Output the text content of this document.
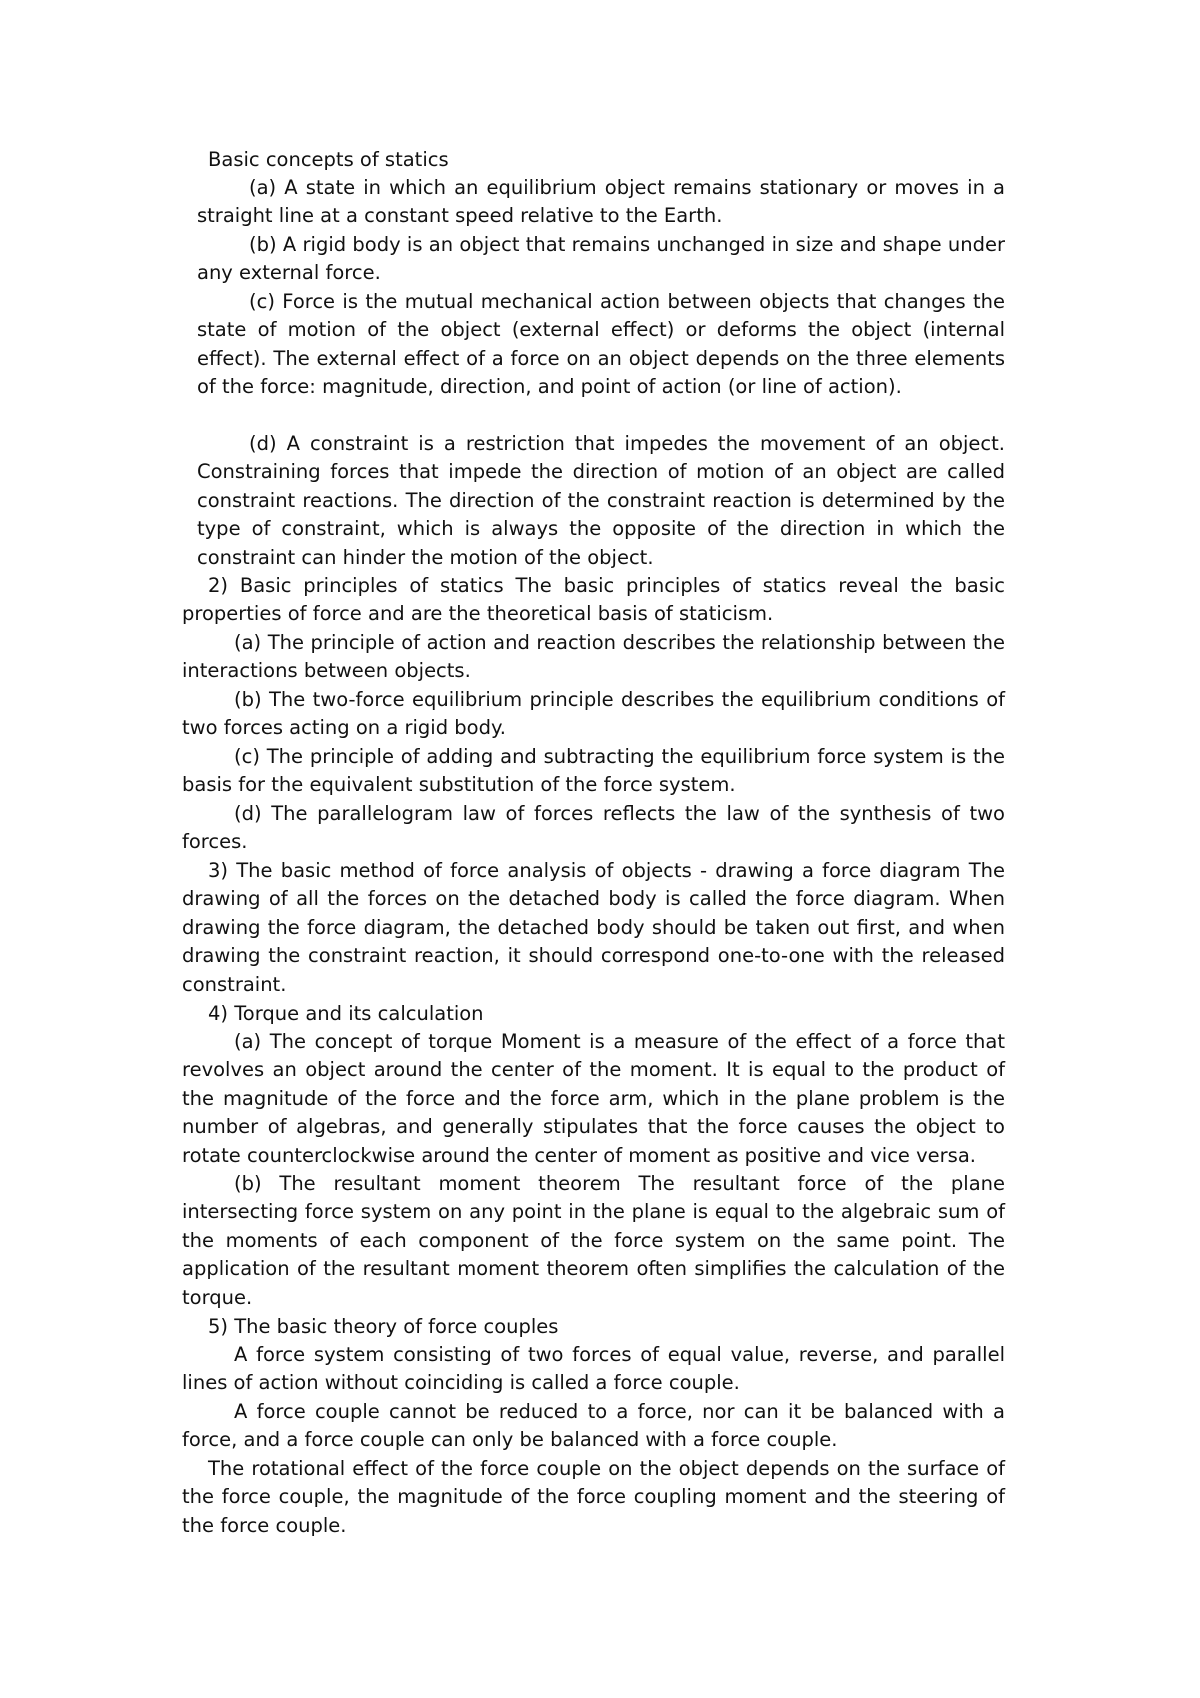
Basic concepts of statics
(a) A state in which an equilibrium object remains stationary or moves in a straight line at a constant speed relative to the Earth.
(b) A rigid body is an object that remains unchanged in size and shape under any external force.
(c) Force is the mutual mechanical action between objects that changes the state of motion of the object (external effect) or deforms the object (internal effect). The external effect of a force on an object depends on the three elements of the force: magnitude, direction, and point of action (or line of action).
(d) A constraint is a restriction that impedes the movement of an object. Constraining forces that impede the direction of motion of an object are called constraint reactions. The direction of the constraint reaction is determined by the type of constraint, which is always the opposite of the direction in which the constraint can hinder the motion of the object.
2) Basic principles of statics The basic principles of statics reveal the basic properties of force and are the theoretical basis of staticism.
(a) The principle of action and reaction describes the relationship between the interactions between objects.
(b) The two-force equilibrium principle describes the equilibrium conditions of two forces acting on a rigid body.
(c) The principle of adding and subtracting the equilibrium force system is the basis for the equivalent substitution of the force system.
(d) The parallelogram law of forces reflects the law of the synthesis of two forces.
3) The basic method of force analysis of objects - drawing a force diagram The drawing of all the forces on the detached body is called the force diagram. When drawing the force diagram, the detached body should be taken out first, and when drawing the constraint reaction, it should correspond one-to-one with the released constraint.
4) Torque and its calculation
(a) The concept of torque Moment is a measure of the effect of a force that revolves an object around the center of the moment. It is equal to the product of the magnitude of the force and the force arm, which in the plane problem is the number of algebras, and generally stipulates that the force causes the object to rotate counterclockwise around the center of moment as positive and vice versa.
(b) The resultant moment theorem The resultant force of the plane intersecting force system on any point in the plane is equal to the algebraic sum of the moments of each component of the force system on the same point. The application of the resultant moment theorem often simplifies the calculation of the torque.
5) The basic theory of force couples
A force system consisting of two forces of equal value, reverse, and parallel lines of action without coinciding is called a force couple.
A force couple cannot be reduced to a force, nor can it be balanced with a force, and a force couple can only be balanced with a force couple.
The rotational effect of the force couple on the object depends on the surface of the force couple, the magnitude of the force coupling moment and the steering of the force couple.
